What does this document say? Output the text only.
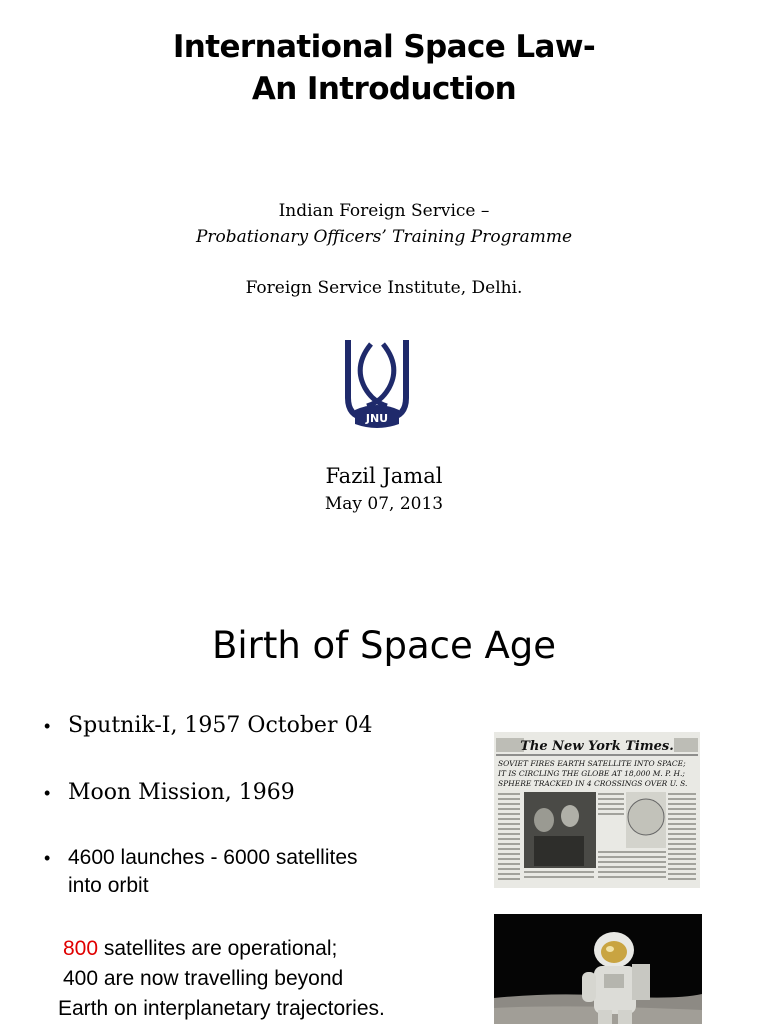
International Space Law-
An Introduction
Indian Foreign Service –
Probationary Officers’ Training Programme
Foreign Service Institute, Delhi.
JNU
Fazil Jamal
May 07, 2013
Birth of Space Age
• Sputnik-I, 1957 October 04
• Moon Mission, 1969
• 4600 launches - 6000 satellites
into orbit
800 satellites are operational;
400 are now travelling beyond
Earth on interplanetary trajectories.
The New York Times.
SOVIET FIRES EARTH SATELLITE INTO SPACE;
IT IS CIRCLING THE GLOBE AT 18,000 M. P. H.;
SPHERE TRACKED IN 4 CROSSINGS OVER U. S.
